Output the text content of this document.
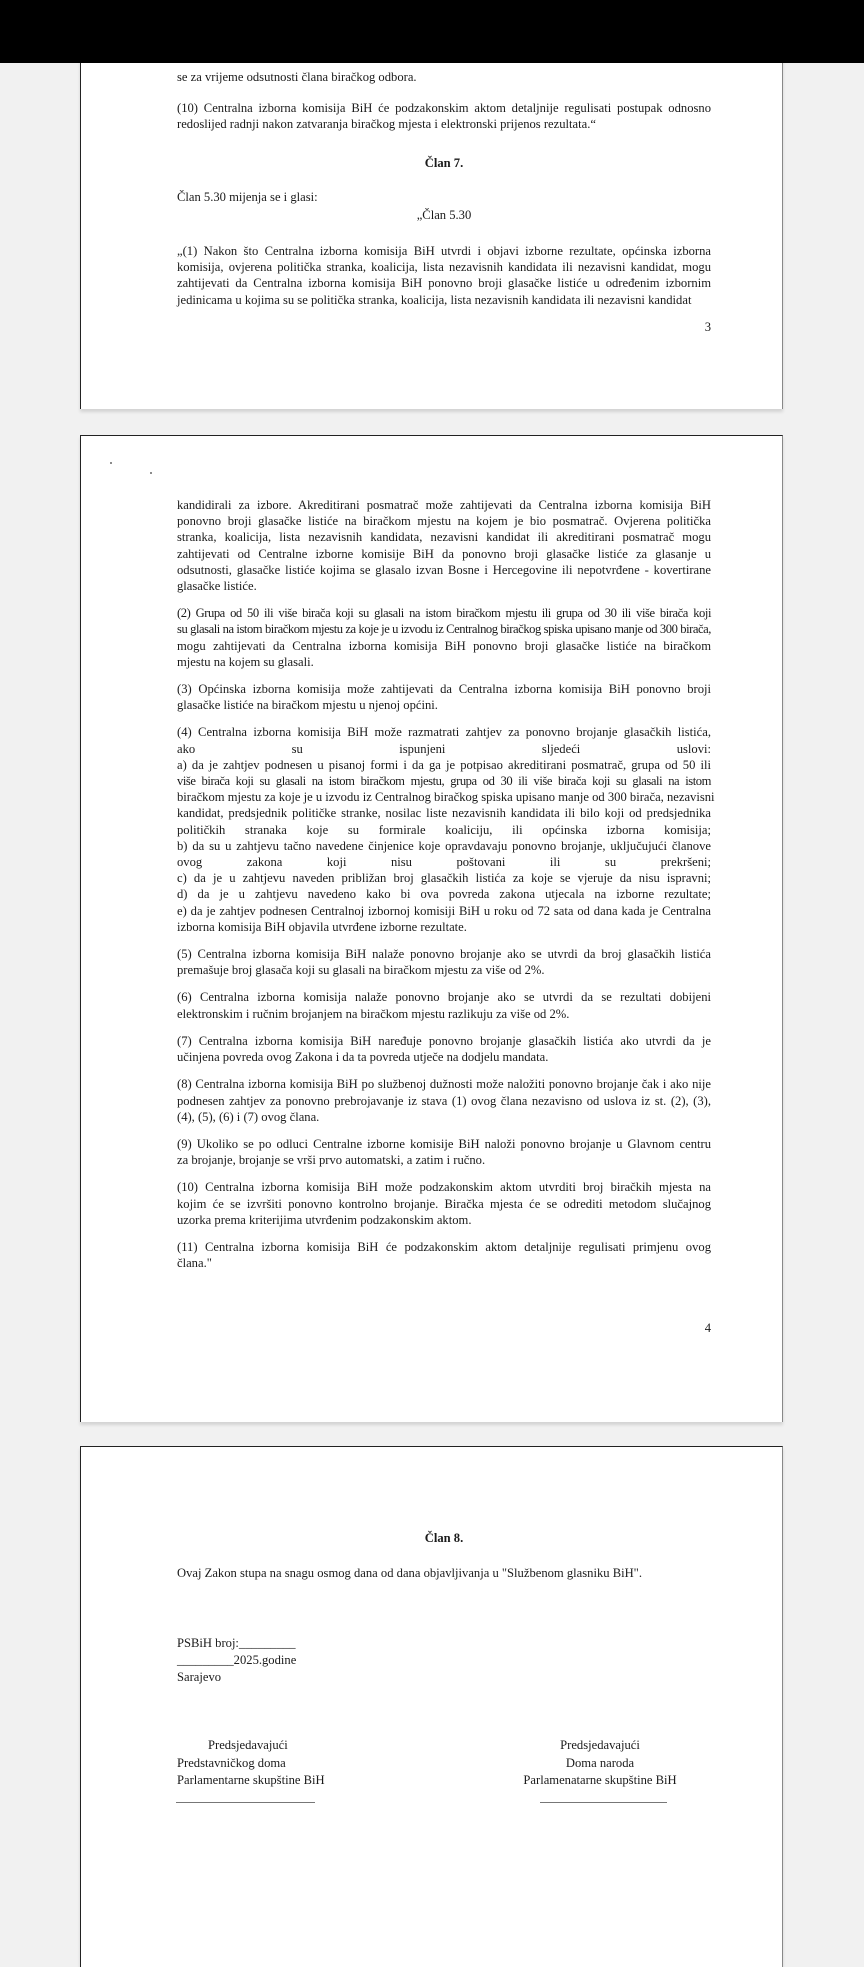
se za vrijeme odsutnosti člana biračkog odbora.
(10) Centralna izborna komisija BiH će podzakonskim aktom detaljnije regulisati postupak odnosno
redoslijed radnji nakon zatvaranja biračkog mjesta i elektronski prijenos rezultata.“
Član 7.
Član 5.30 mijenja se i glasi:
„Član 5.30
„(1) Nakon što Centralna izborna komisija BiH utvrdi i objavi izborne rezultate, općinska izborna
komisija, ovjerena politička stranka, koalicija, lista nezavisnih kandidata ili nezavisni kandidat, mogu
zahtijevati da Centralna izborna komisija BiH ponovno broji glasačke listiće u određenim izbornim
jedinicama u kojima su se politička stranka, koalicija, lista nezavisnih kandidata ili nezavisni kandidat
3
kandidirali za izbore. Akreditirani posmatrač može zahtijevati da Centralna izborna komisija BiH
ponovno broji glasačke listiće na biračkom mjestu na kojem je bio posmatrač. Ovjerena politička
stranka, koalicija, lista nezavisnih kandidata, nezavisni kandidat ili akreditirani posmatrač mogu
zahtijevati od Centralne izborne komisije BiH da ponovno broji glasačke listiće za glasanje u
odsutnosti, glasačke listiće kojima se glasalo izvan Bosne i Hercegovine ili nepotvrđene - kovertirane
glasačke listiće.
(2) Grupa od 50 ili više birača koji su glasali na istom biračkom mjestu ili grupa od 30 ili više birača koji
su glasali na istom biračkom mjestu za koje je u izvodu iz Centralnog biračkog spiska upisano manje od 300 birača,
mogu zahtijevati da Centralna izborna komisija BiH ponovno broji glasačke listiće na biračkom
mjestu na kojem su glasali.
(3) Općinska izborna komisija može zahtijevati da Centralna izborna komisija BiH ponovno broji
glasačke listiće na biračkom mjestu u njenoj općini.
(4) Centralna izborna komisija BiH može razmatrati zahtjev za ponovno brojanje glasačkih listića,
ako su ispunjeni sljedeći uslovi:
a) da je zahtjev podnesen u pisanoj formi i da ga je potpisao akreditirani posmatrač, grupa od 50 ili
više birača koji su glasali na istom biračkom mjestu, grupa od 30 ili više birača koji su glasali na istom
biračkom mjestu za koje je u izvodu iz Centralnog biračkog spiska upisano manje od 300 birača, nezavisni
kandidat, predsjednik političke stranke, nosilac liste nezavisnih kandidata ili bilo koji od predsjednika
političkih stranaka koje su formirale koaliciju, ili općinska izborna komisija;
b) da su u zahtjevu tačno navedene činjenice koje opravdavaju ponovno brojanje, uključujući članove
ovog zakona koji nisu poštovani ili su prekršeni;
c) da je u zahtjevu naveden približan broj glasačkih listića za koje se vjeruje da nisu ispravni;
d) da je u zahtjevu navedeno kako bi ova povreda zakona utjecala na izborne rezultate;
e) da je zahtjev podnesen Centralnoj izbornoj komisiji BiH u roku od 72 sata od dana kada je Centralna
izborna komisija BiH objavila utvrđene izborne rezultate.
(5) Centralna izborna komisija BiH nalaže ponovno brojanje ako se utvrdi da broj glasačkih listića
premašuje broj glasača koji su glasali na biračkom mjestu za više od 2%.
(6) Centralna izborna komisija nalaže ponovno brojanje ako se utvrdi da se rezultati dobijeni
elektronskim i ručnim brojanjem na biračkom mjestu razlikuju za više od 2%.
(7) Centralna izborna komisija BiH naređuje ponovno brojanje glasačkih listića ako utvrdi da je
učinjena povreda ovog Zakona i da ta povreda utječe na dodjelu mandata.
(8) Centralna izborna komisija BiH po službenoj dužnosti može naložiti ponovno brojanje čak i ako nije
podnesen zahtjev za ponovno prebrojavanje iz stava (1) ovog člana nezavisno od uslova iz st. (2), (3),
(4), (5), (6) i (7) ovog člana.
(9) Ukoliko se po odluci Centralne izborne komisije BiH naloži ponovno brojanje u Glavnom centru
za brojanje, brojanje se vrši prvo automatski, a zatim i ručno.
(10) Centralna izborna komisija BiH može podzakonskim aktom utvrditi broj biračkih mjesta na
kojim će se izvršiti ponovno kontrolno brojanje. Biračka mjesta će se odrediti metodom slučajnog
uzorka prema kriterijima utvrđenim podzakonskim aktom.
(11) Centralna izborna komisija BiH će podzakonskim aktom detaljnije regulisati primjenu ovog
člana."
4
Član 8.
Ovaj Zakon stupa na snagu osmog dana od dana objavljivanja u "Službenom glasniku BiH".
PSBiH broj:_________
_________2025.godine
Sarajevo
Predsjedavajući
Predstavničkog doma
Parlamentarne skupštine BiH
Predsjedavajući
Doma naroda
Parlamenatarne skupštine BiH
